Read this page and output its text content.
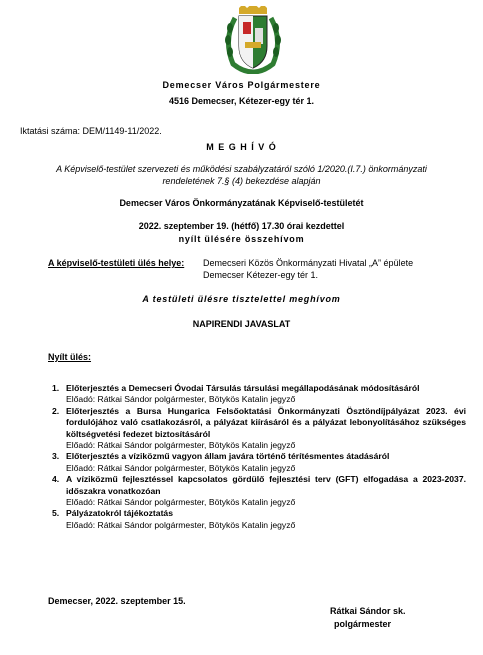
Demecser Város Polgármestere
4516 Demecser, Kétezer-egy tér 1.
Iktatási száma: DEM/1149-11/2022.
M E G H Í V Ó
A Képviselő-testület szervezeti és működési szabályzatáról szóló 1/2020.(I.7.) önkormányzati
rendeletének 7.§ (4) bekezdése alapján
Demecser Város Önkormányzatának Képviselő-testületét
2022. szeptember 19. (hétfő) 17.30 órai kezdettel
nyílt ülésére összehívom
A képviselő-testületi ülés helye: Demecseri Közös Önkormányzati Hivatal „A” épülete
Demecser Kétezer-egy tér 1.
A testületi ülésre tisztelettel meghívom
NAPIRENDI JAVASLAT
Nyílt ülés:
1. Előterjesztés a Demecseri Óvodai Társulás társulási megállapodásának módosításáról
Előadó: Rátkai Sándor polgármester, Bötykös Katalin jegyző
2. Előterjesztés a Bursa Hungarica Felsőoktatási Önkormányzati Ösztöndíjpályázat 2023. évi fordulójához való csatlakozásról, a pályázat kiírásáról és a pályázat lebonyolításához szükséges költségvetési fedezet biztosításáról
Előadó: Rátkai Sándor polgármester, Bötykös Katalin jegyző
3. Előterjesztés a víziközmű vagyon állam javára történő térítésmentes átadásáról
Előadó: Rátkai Sándor polgármester, Bötykös Katalin jegyző
4. A víziközmű fejlesztéssel kapcsolatos gördülő fejlesztési terv (GFT) elfogadása a 2023-2037. időszakra vonatkozóan
Előadó: Rátkai Sándor polgármester, Bötykös Katalin jegyző
5. Pályázatokról tájékoztatás
Előadó: Rátkai Sándor polgármester, Bötykös Katalin jegyző
Demecser, 2022. szeptember 15.
Rátkai Sándor sk.
polgármester
